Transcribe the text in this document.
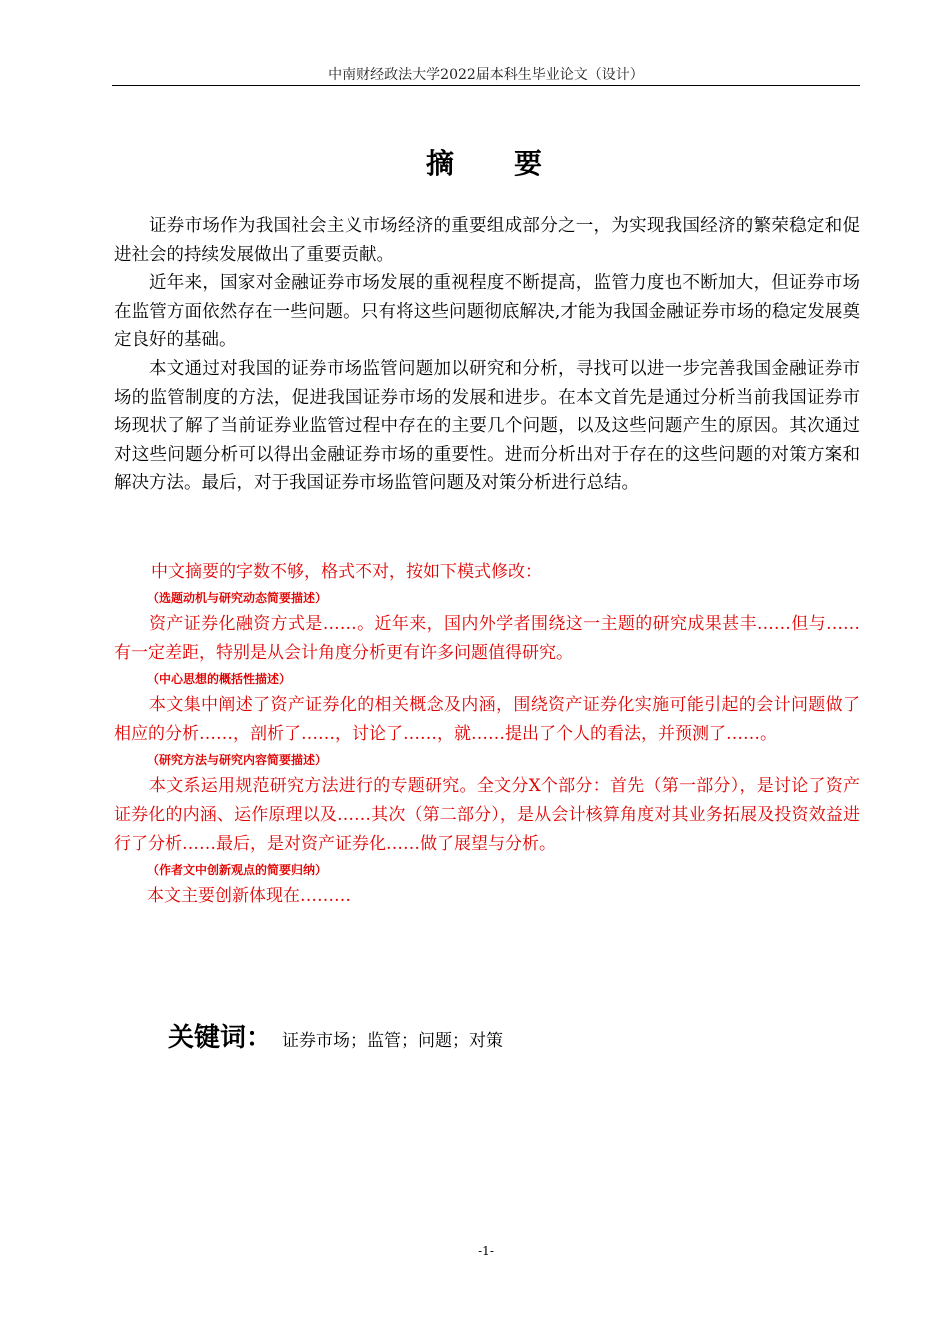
中南财经政法大学2022届本科生毕业论文（设计）
摘 要

证券市场作为我国社会主义市场经济的重要组成部分之一，为实现我国经济的繁荣稳定和促进社会的持续发展做出了重要贡献。

近年来，国家对金融证券市场发展的重视程度不断提高，监管力度也不断加大，但证券市场在监管方面依然存在一些问题。只有将这些问题彻底解决,才能为我国金融证券市场的稳定发展奠定良好的基础。

本文通过对我国的证券市场监管问题加以研究和分析，寻找可以进一步完善我国金融证券市场的监管制度的方法，促进我国证券市场的发展和进步。在本文首先是通过分析当前我国证券市场现状了解了当前证券业监管过程中存在的主要几个问题，以及这些问题产生的原因。其次通过对这些问题分析可以得出金融证券市场的重要性。进而分析出对于存在的这些问题的对策方案和解决方法。最后，对于我国证券市场监管问题及对策分析进行总结。

中文摘要的字数不够，格式不对，按如下模式修改：
（选题动机与研究动态简要描述）

资产证券化融资方式是……。近年来，国内外学者围绕这一主题的研究成果甚丰……但与……有一定差距，特别是从会计角度分析更有许多问题值得研究。

（中心思想的概括性描述）

本文集中阐述了资产证券化的相关概念及内涵，围绕资产证券化实施可能引起的会计问题做了相应的分析……，剖析了……，讨论了……，就……提出了个人的看法，并预测了……。

（研究方法与研究内容简要描述）

本文系运用规范研究方法进行的专题研究。全文分X个部分：首先（第一部分），是讨论了资产证券化的内涵、运作原理以及……其次（第二部分），是从会计核算角度对其业务拓展及投资效益进行了分析……最后，是对资产证券化……做了展望与分析。

（作者文中创新观点的简要归纳）
本文主要创新体现在………
关键词： 证券市场；监管；问题；对策
-1-
